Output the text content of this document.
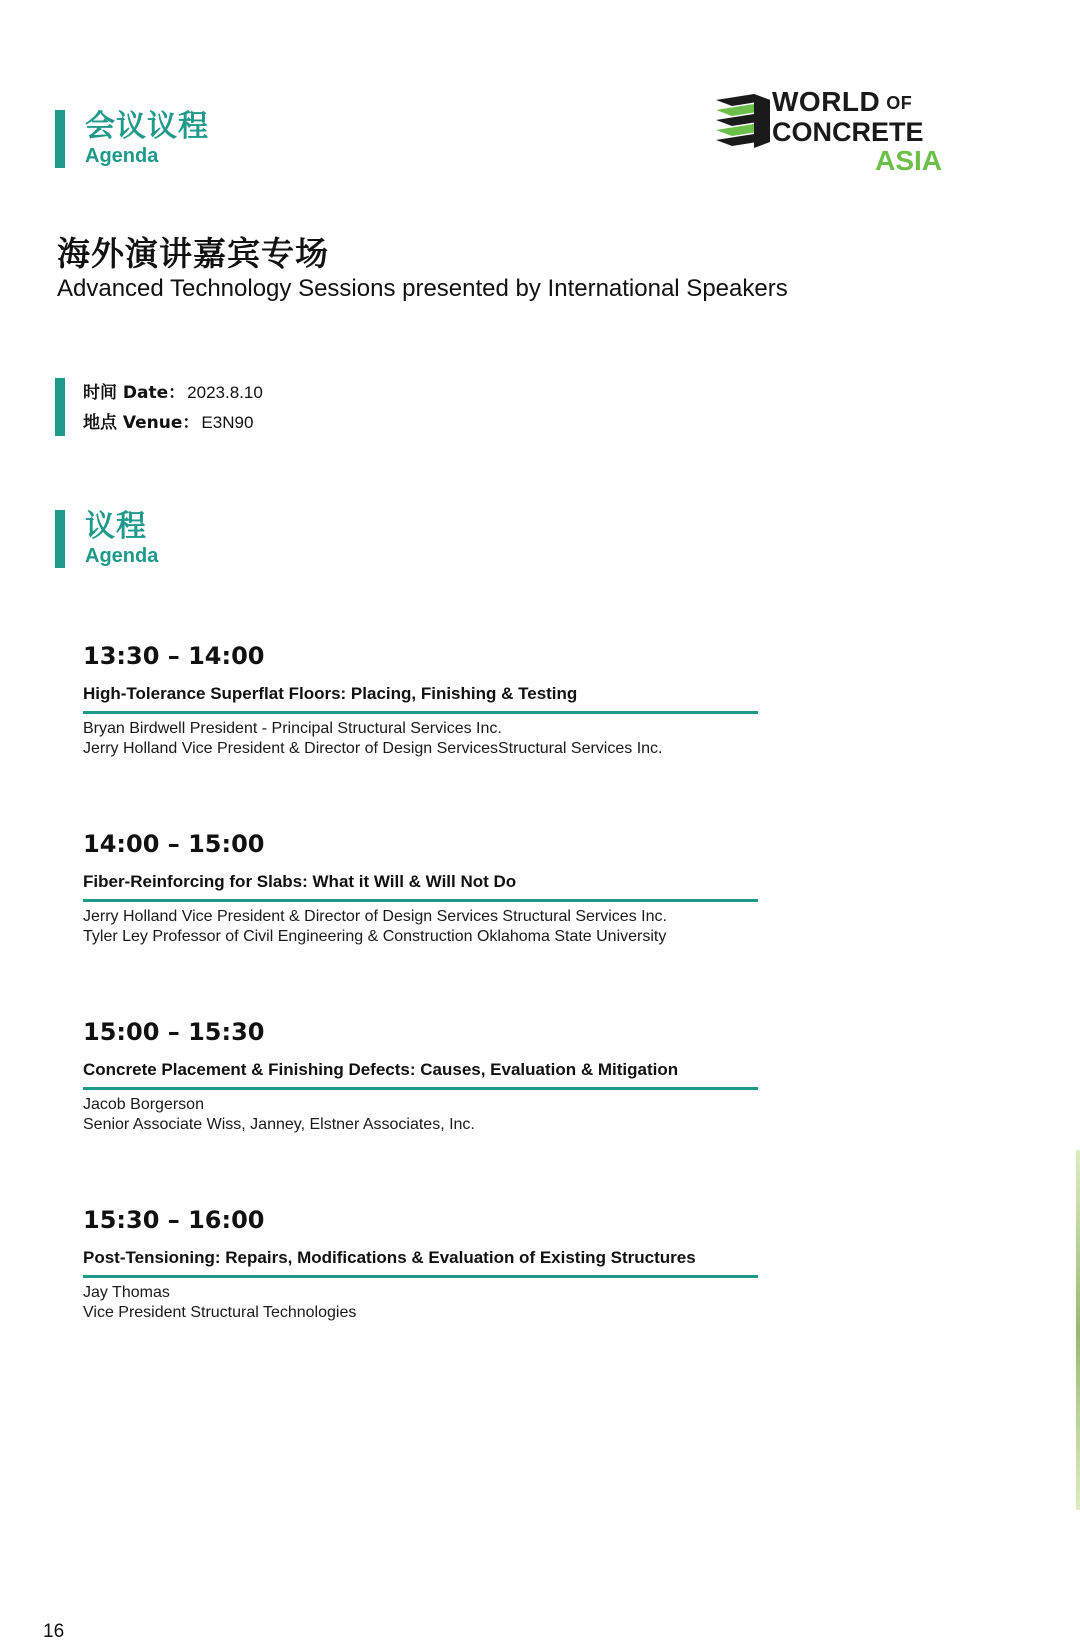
会议议程
Agenda
WORLD OF
CONCRETE
ASIA
海外演讲嘉宾专场
Advanced Technology Sessions presented by International Speakers
时间 Date： 2023.8.10
地点 Venue： E3N90
议程
Agenda
13:30 – 14:00
High-Tolerance Superflat Floors: Placing, Finishing & Testing
Bryan Birdwell President - Principal Structural Services Inc.
Jerry Holland Vice President & Director of Design ServicesStructural Services Inc.
14:00 – 15:00
Fiber-Reinforcing for Slabs: What it Will & Will Not Do
Jerry Holland Vice President & Director of Design Services Structural Services Inc.
Tyler Ley Professor of Civil Engineering & Construction Oklahoma State University
15:00 – 15:30
Concrete Placement & Finishing Defects: Causes, Evaluation & Mitigation
Jacob Borgerson
Senior Associate Wiss, Janney, Elstner Associates, Inc.
15:30 – 16:00
Post-Tensioning: Repairs, Modifications & Evaluation of Existing Structures
Jay Thomas
Vice President Structural Technologies
16
